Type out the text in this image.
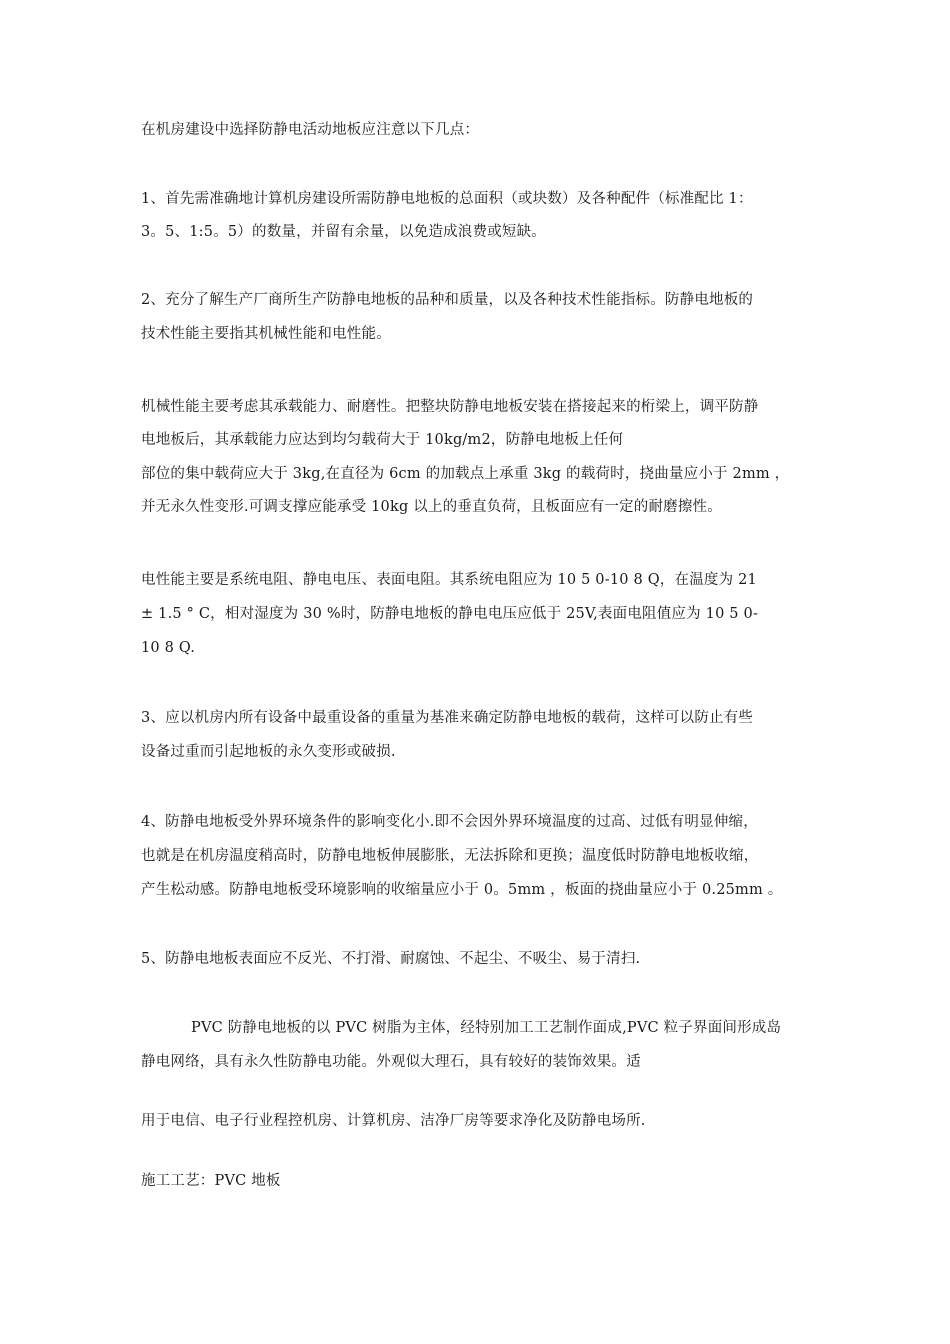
在机房建设中选择防静电活动地板应注意以下几点：
1、首先需准确地计算机房建设所需防静电地板的总面积（或块数）及各种配件（标准配比 1：
3。5、1:5。5）的数量，并留有余量，以免造成浪费或短缺。
2、充分了解生产厂商所生产防静电地板的品种和质量，以及各种技术性能指标。防静电地板的
技术性能主要指其机械性能和电性能。
机械性能主要考虑其承载能力、耐磨性。把整块防静电地板安装在搭接起来的桁梁上，调平防静
电地板后，其承载能力应达到均匀载荷大于 10kg/m2，防静电地板上任何
部位的集中载荷应大于 3kg,在直径为 6cm 的加载点上承重 3kg 的载荷时，挠曲量应小于 2mm ，
并无永久性变形.可调支撑应能承受 10kg 以上的垂直负荷，且板面应有一定的耐磨擦性。
电性能主要是系统电阻、静电电压、表面电阻。其系统电阻应为 10 5 0-10 8 Q，在温度为 21
± 1.5 ° C，相对湿度为 30 %时，防静电地板的静电电压应低于 25V,表面电阻值应为 10 5 0-
10 8 Q.
3、应以机房内所有设备中最重设备的重量为基准来确定防静电地板的载荷，这样可以防止有些
设备过重而引起地板的永久变形或破损.
4、防静电地板受外界环境条件的影响变化小.即不会因外界环境温度的过高、过低有明显伸缩，
也就是在机房温度稍高时，防静电地板伸展膨胀，无法拆除和更换；温度低时防静电地板收缩，
产生松动感。防静电地板受环境影响的收缩量应小于 0。5mm ，板面的挠曲量应小于 0.25mm 。
5、防静电地板表面应不反光、不打滑、耐腐蚀、不起尘、不吸尘、易于清扫.
PVC 防静电地板的以 PVC 树脂为主体，经特别加工工艺制作面成,PVC 粒子界面间形成岛
静电网络，具有永久性防静电功能。外观似大理石，具有较好的装饰效果。适
用于电信、电子行业程控机房、计算机房、洁净厂房等要求净化及防静电场所.
施工工艺：PVC 地板
